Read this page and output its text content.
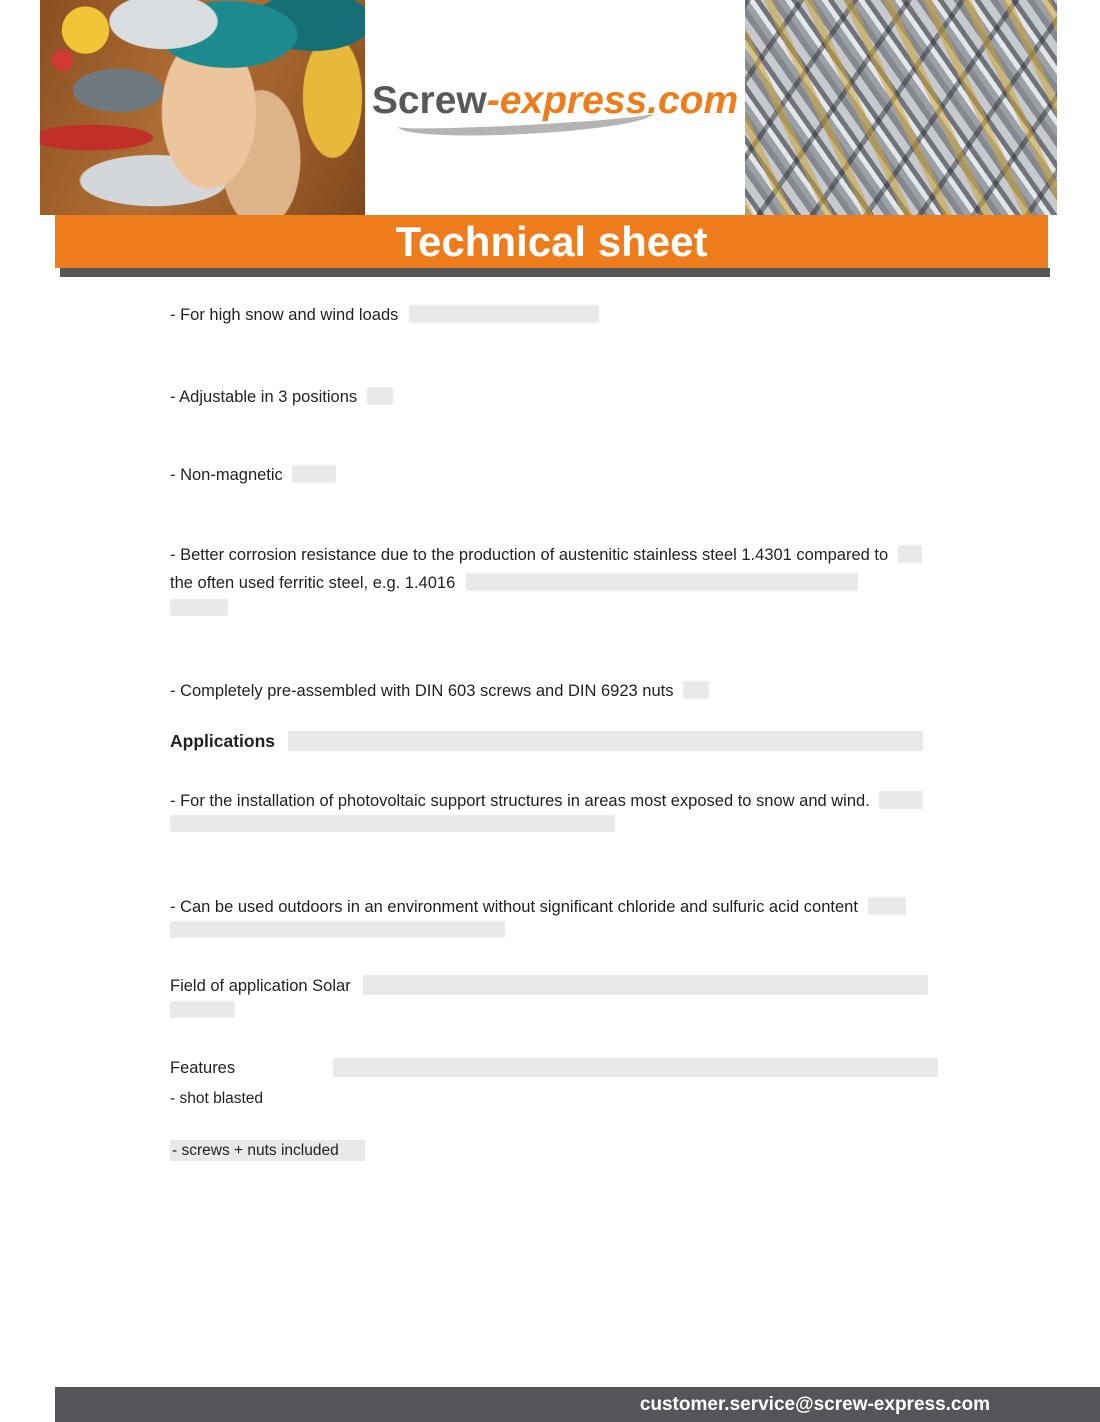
Screw-express.com
Technical sheet
- For high snow and wind loads
- Adjustable in 3 positions
- Non-magnetic
- Better corrosion resistance due to the production of austenitic stainless steel 1.4301 compared to
the often used ferritic steel, e.g. 1.4016
- Completely pre-assembled with DIN 603 screws and DIN 6923 nuts
Applications
- For the installation of photovoltaic support structures in areas most exposed to snow and wind.
- Can be used outdoors in an environment without significant chloride and sulfuric acid content
Field of application Solar
Features
- shot blasted
- screws + nuts included
customer.service@screw-express.com
